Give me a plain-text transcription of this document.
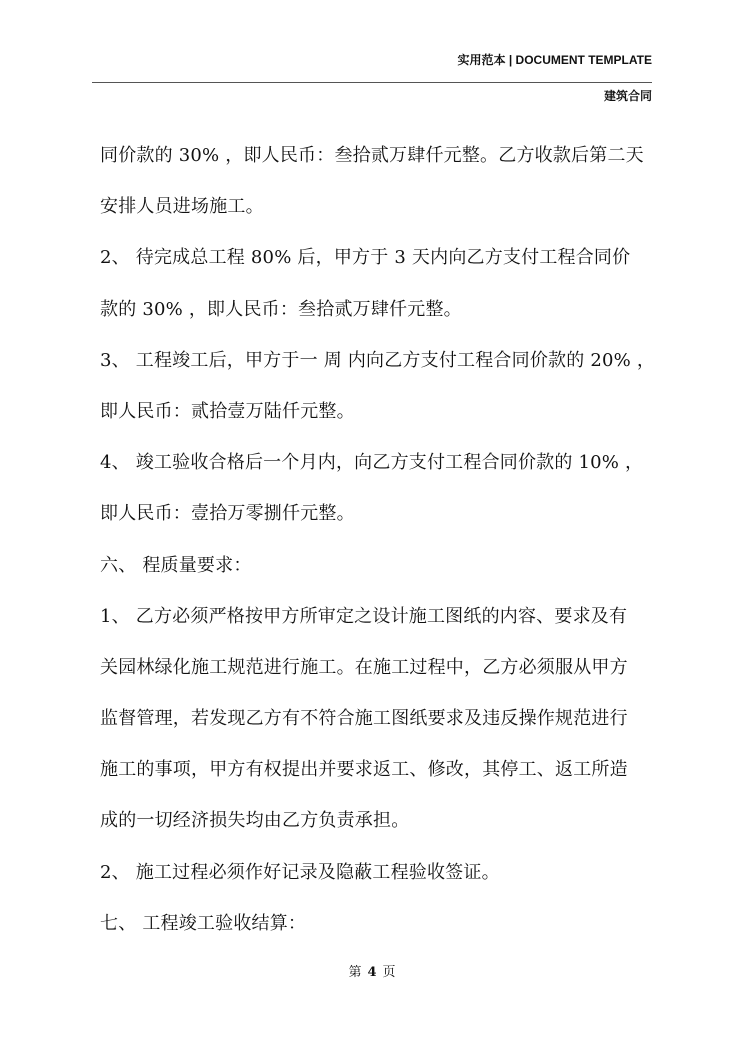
实用范本 | DOCUMENT TEMPLATE
建筑合同
同价款的 30% ，即人民币：叁拾贰万肆仟元整。乙方收款后第二天
安排人员进场施工。
2、 待完成总工程 80% 后，甲方于 3 天内向乙方支付工程合同价
款的 30% ，即人民币：叁拾贰万肆仟元整。
3、 工程竣工后，甲方于一 周 内向乙方支付工程合同价款的 20% ，
即人民币：贰拾壹万陆仟元整。
4、 竣工验收合格后一个月内，向乙方支付工程合同价款的 10% ，
即人民币：壹拾万零捌仟元整。
六、 程质量要求：
1、 乙方必须严格按甲方所审定之设计施工图纸的内容、要求及有
关园林绿化施工规范进行施工。在施工过程中，乙方必须服从甲方
监督管理，若发现乙方有不符合施工图纸要求及违反操作规范进行
施工的事项，甲方有权提出并要求返工、修改，其停工、返工所造
成的一切经济损失均由乙方负责承担。
2、 施工过程必须作好记录及隐蔽工程验收签证。
七、 工程竣工验收结算：
第 4 页
